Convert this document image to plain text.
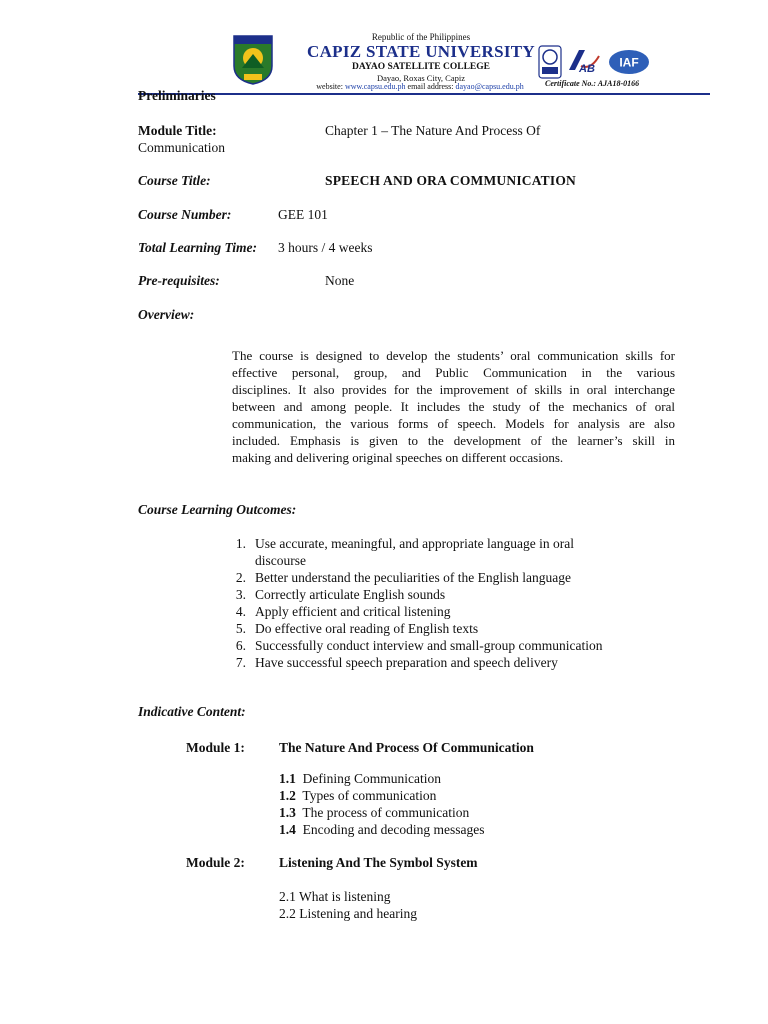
Republic of the Philippines
CAPIZ STATE UNIVERSITY
DAYAO SATELLITE COLLEGE
Dayao, Roxas City, Capiz
website: www.capsu.edu.ph email address: dayao@capsu.edu.ph
AB IAF
Certificate No.: AJA18-0166
Preliminaries
Module Title:	Chapter 1 – The Nature And Process Of
Communication
Course Title:	SPEECH AND ORA COMMUNICATION
Course Number:	GEE 101
Total Learning Time: 3 hours / 4 weeks
Pre-requisites:	None
Overview:
The course is designed to develop the students’ oral communication skills for
effective personal, group, and Public Communication in the various
disciplines. It also provides for the improvement of skills in oral interchange
between and among people. It includes the study of the mechanics of oral
communication, the various forms of speech. Models for analysis are also
included. Emphasis is given to the development of the learner’s skill in
making and delivering original speeches on different occasions.
Course Learning Outcomes:
1. Use accurate, meaningful, and appropriate language in oral
discourse
2. Better understand the peculiarities of the English language
3. Correctly articulate English sounds
4. Apply efficient and critical listening
5. Do effective oral reading of English texts
6. Successfully conduct interview and small-group communication
7. Have successful speech preparation and speech delivery
Indicative Content:
Module 1:	The Nature And Process Of Communication
1.1 Defining Communication
1.2 Types of communication
1.3 The process of communication
1.4 Encoding and decoding messages
Module 2:	Listening And The Symbol System
2.1 What is listening
2.2 Listening and hearing
